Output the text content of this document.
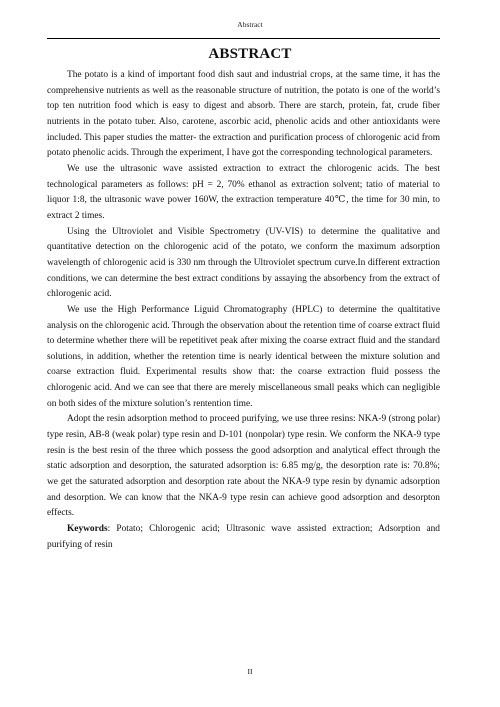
Abstract
ABSTRACT

The potato is a kind of important food dish saut and industrial crops, at the same time, it has the comprehensive nutrients as well as the reasonable structure of nutrition, the potato is one of the world’s top ten nutrition food which is easy to digest and absorb. There are starch, protein, fat, crude fiber nutrients in the potato tuber. Also, carotene, ascorbic acid, phenolic acids and other antioxidants were included. This paper studies the matter- the extraction and purification process of chlorogenic acid from potato phenolic acids. Through the experiment, I have got the corresponding technological parameters.

We use the ultrasonic wave assisted extraction to extract the chlorogenic acids. The best technological parameters as follows: pH = 2, 70% ethanol as extraction solvent; tatio of material to liquor 1:8, the ultrasonic wave power 160W, the extraction temperature 40℃, the time for 30 min, to extract 2 times.

Using the Ultroviolet and Visible Spectrometry (UV-VIS) to determine the qualitative and quantitative detection on the chlorogenic acid of the potato, we conform the maximum adsorption wavelength of chlorogenic acid is 330 nm through the Ultroviolet spectrum curve.In different extraction conditions, we can determine the best extract conditions by assaying the absorbency from the extract of chlorogenic acid.

We use the High Performance Liguid Chromatography (HPLC) to determine the qualtitative analysis on the chlorogenic acid. Through the observation about the retention time of coarse extract fluid to determine whether there will be repetitivet peak after mixing the coarse extract fluid and the standard solutions, in addition, whether the retention time is nearly identical between the mixture solution and coarse extraction fluid. Experimental results show that: the coarse extraction fluid possess the chlorogenic acid. And we can see that there are merely miscellaneous small peaks which can negligible on both sides of the mixture solution’s rentention time.

Adopt the resin adsorption method to proceed purifying, we use three resins: NKA-9 (strong polar) type resin, AB-8 (weak polar) type resin and D-101 (nonpolar) type resin. We conform the NKA-9 type resin is the best resin of the three which possess the good adsorption and analytical effect through the static adsorption and desorption, the saturated adsorption is: 6.85 mg/g, the desorption rate is: 70.8%; we get the saturated adsorption and desorption rate about the NKA-9 type resin by dynamic adsorption and desorption. We can know that the NKA-9 type resin can achieve good adsorption and desorpton effects.

Keywords: Potato; Chlorogenic acid; Ultrasonic wave assisted extraction; Adsorption and purifying of resin

II
